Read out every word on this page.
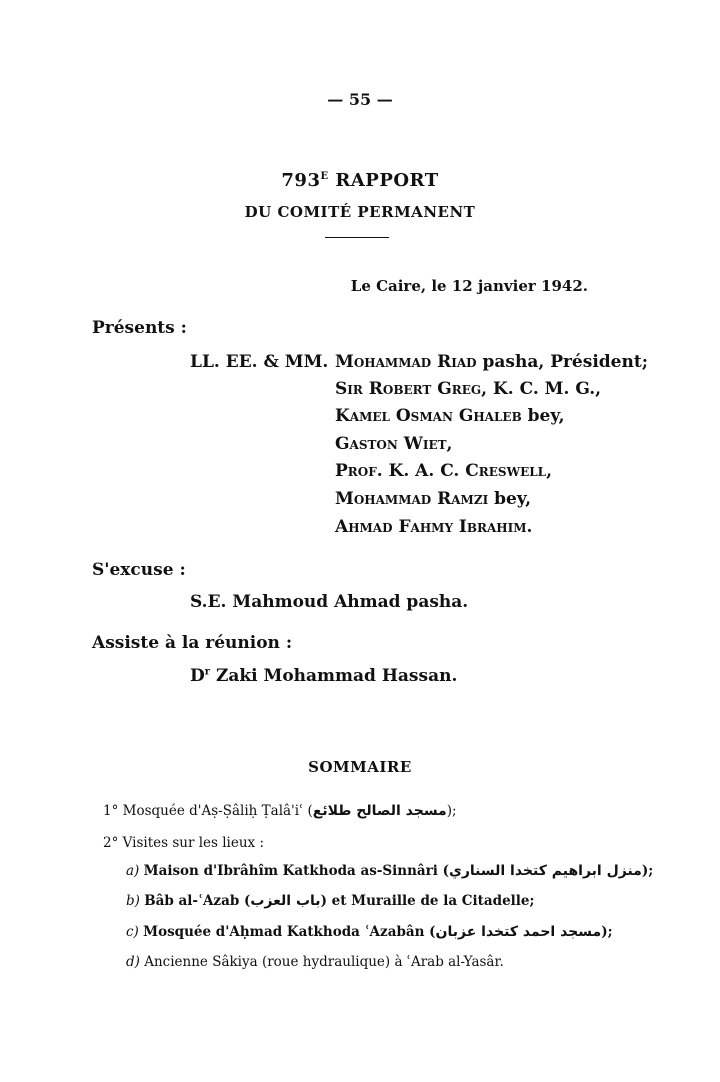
— 55 —
$793^E$ RAPPORT
DU COMITÉ PERMANENT
Le Caire, le 12 janvier 1942.
Présents :
LL. EE. & MM. Mohammad Riad pasha, Président;
Sir Robert Greg, K. C. M. G.,
Kamel Osman Ghaleb bey,
Gaston Wiet,
Prof. K. A. C. Creswell,
Mohammad Ramzi bey,
Ahmad Fahmy Ibrahim.
S'excuse :
S.E. Mahmoud Ahmad pasha.
Assiste à la réunion :
$D^r$ Zaki Mohammad Hassan.
SOMMAIRE
1° Mosquée d'Aṣ-Ṣâliḥ Ṭalâ'iʿ (مسجد الصالح طلائع);
2° Visites sur les lieux :
a) Maison d'Ibrâhîm Katkhoda as-Sinnâri (منزل ابراهيم كتخدا السناري);
b) Bâb al-ʿAzab (باب العزب) et Muraille de la Citadelle;
c) Mosquée d'Aḥmad Katkhoda ʿAzabân (مسجد احمد كتخدا عزبان);
d) Ancienne Sâkiya (roue hydraulique) à ʿArab al-Yasâr.
